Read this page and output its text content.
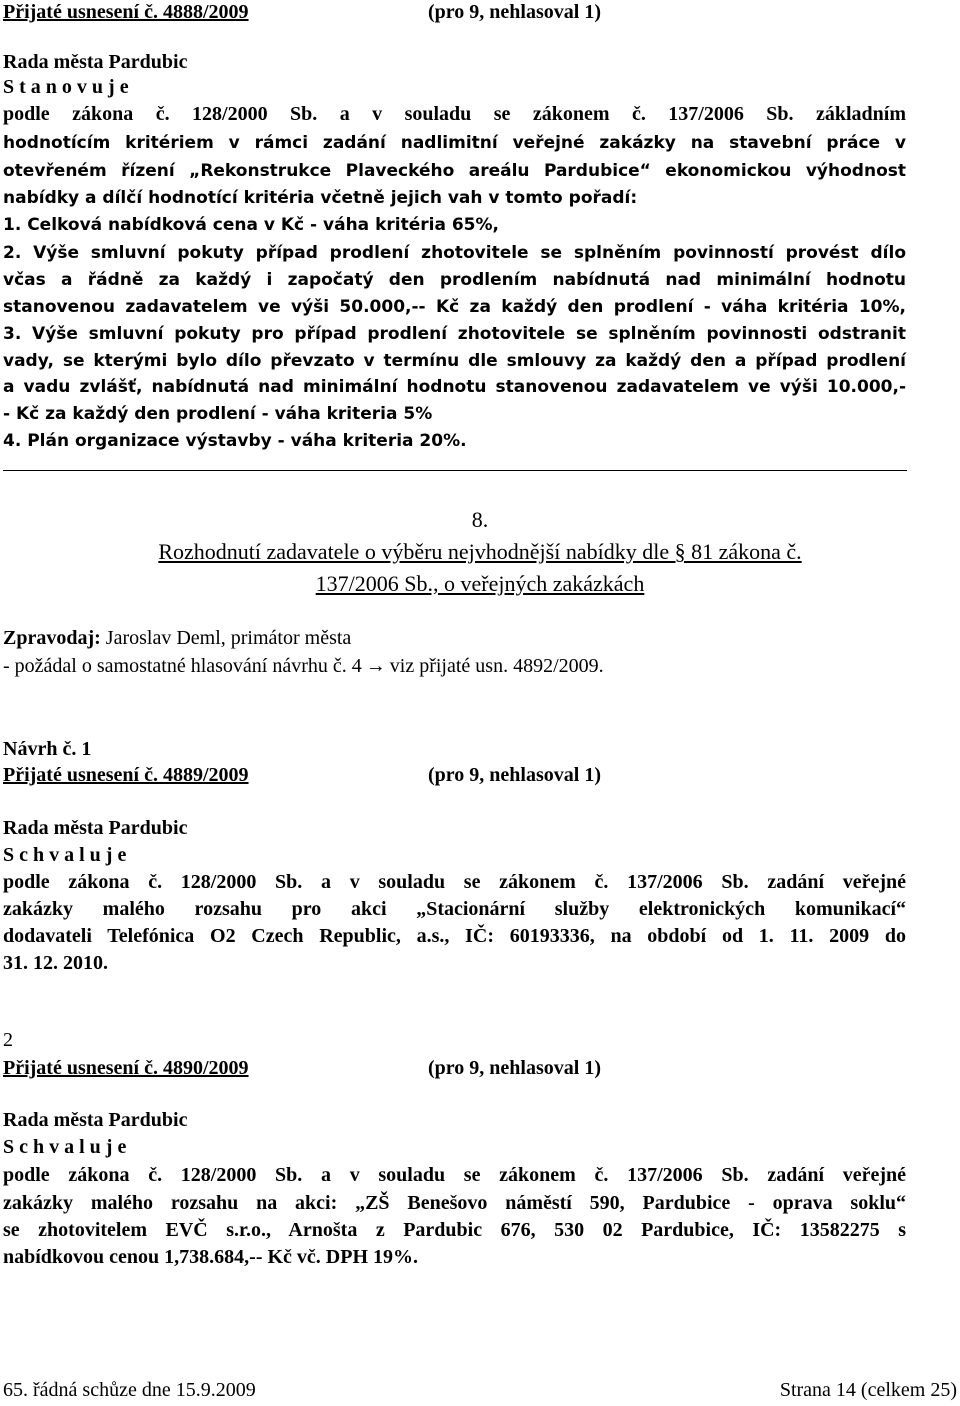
Přijaté usnesení č. 4888/2009	(pro 9, nehlasoval 1)
Rada města Pardubic
S t a n o v u j e
podle zákona č. 128/2000 Sb. a v souladu se zákonem č. 137/2006 Sb. základním
hodnotícím kritériem v rámci zadání nadlimitní veřejné zakázky na stavební práce v
otevřeném řízení „Rekonstrukce Plaveckého areálu Pardubice“ ekonomickou výhodnost
nabídky a dílčí hodnotící kritéria včetně jejich vah v tomto pořadí:
1. Celková nabídková cena v Kč - váha kritéria 65%,
2. Výše smluvní pokuty případ prodlení zhotovitele se splněním povinností provést dílo
včas a řádně za každý i započatý den prodlením nabídnutá nad minimální hodnotu
stanovenou zadavatelem ve výši 50.000,-- Kč za každý den prodlení - váha kritéria 10%,
3. Výše smluvní pokuty pro případ prodlení zhotovitele se splněním povinnosti odstranit
vady, se kterými bylo dílo převzato v termínu dle smlouvy za každý den a případ prodlení
a vadu zvlášť, nabídnutá nad minimální hodnotu stanovenou zadavatelem ve výši 10.000,-
- Kč za každý den prodlení - váha kriteria 5%
4. Plán organizace výstavby - váha kriteria 20%.
8.
Rozhodnutí zadavatele o výběru nejvhodnější nabídky dle § 81 zákona č.
137/2006 Sb., o veřejných zakázkách
Zpravodaj: Jaroslav Deml, primátor města
- požádal o samostatné hlasování návrhu č. 4 → viz přijaté usn. 4892/2009.
Návrh č. 1
Přijaté usnesení č. 4889/2009	(pro 9, nehlasoval 1)
Rada města Pardubic
S c h v a l u j e
podle zákona č. 128/2000 Sb. a v souladu se zákonem č. 137/2006 Sb. zadání veřejné
zakázky malého rozsahu pro akci „Stacionární služby elektronických komunikací“
dodavateli Telefónica O2 Czech Republic, a.s., IČ: 60193336, na období od 1. 11. 2009 do
31. 12. 2010.
2
Přijaté usnesení č. 4890/2009	(pro 9, nehlasoval 1)
Rada města Pardubic
S c h v a l u j e
podle zákona č. 128/2000 Sb. a v souladu se zákonem č. 137/2006 Sb. zadání veřejné
zakázky malého rozsahu na akci: „ZŠ Benešovo náměstí 590, Pardubice - oprava soklu“
se zhotovitelem EVČ s.r.o., Arnošta z Pardubic 676, 530 02 Pardubice, IČ: 13582275 s
nabídkovou cenou 1,738.684,-- Kč vč. DPH 19%.
65. řádná schůze dne 15.9.2009	Strana 14 (celkem 25)
